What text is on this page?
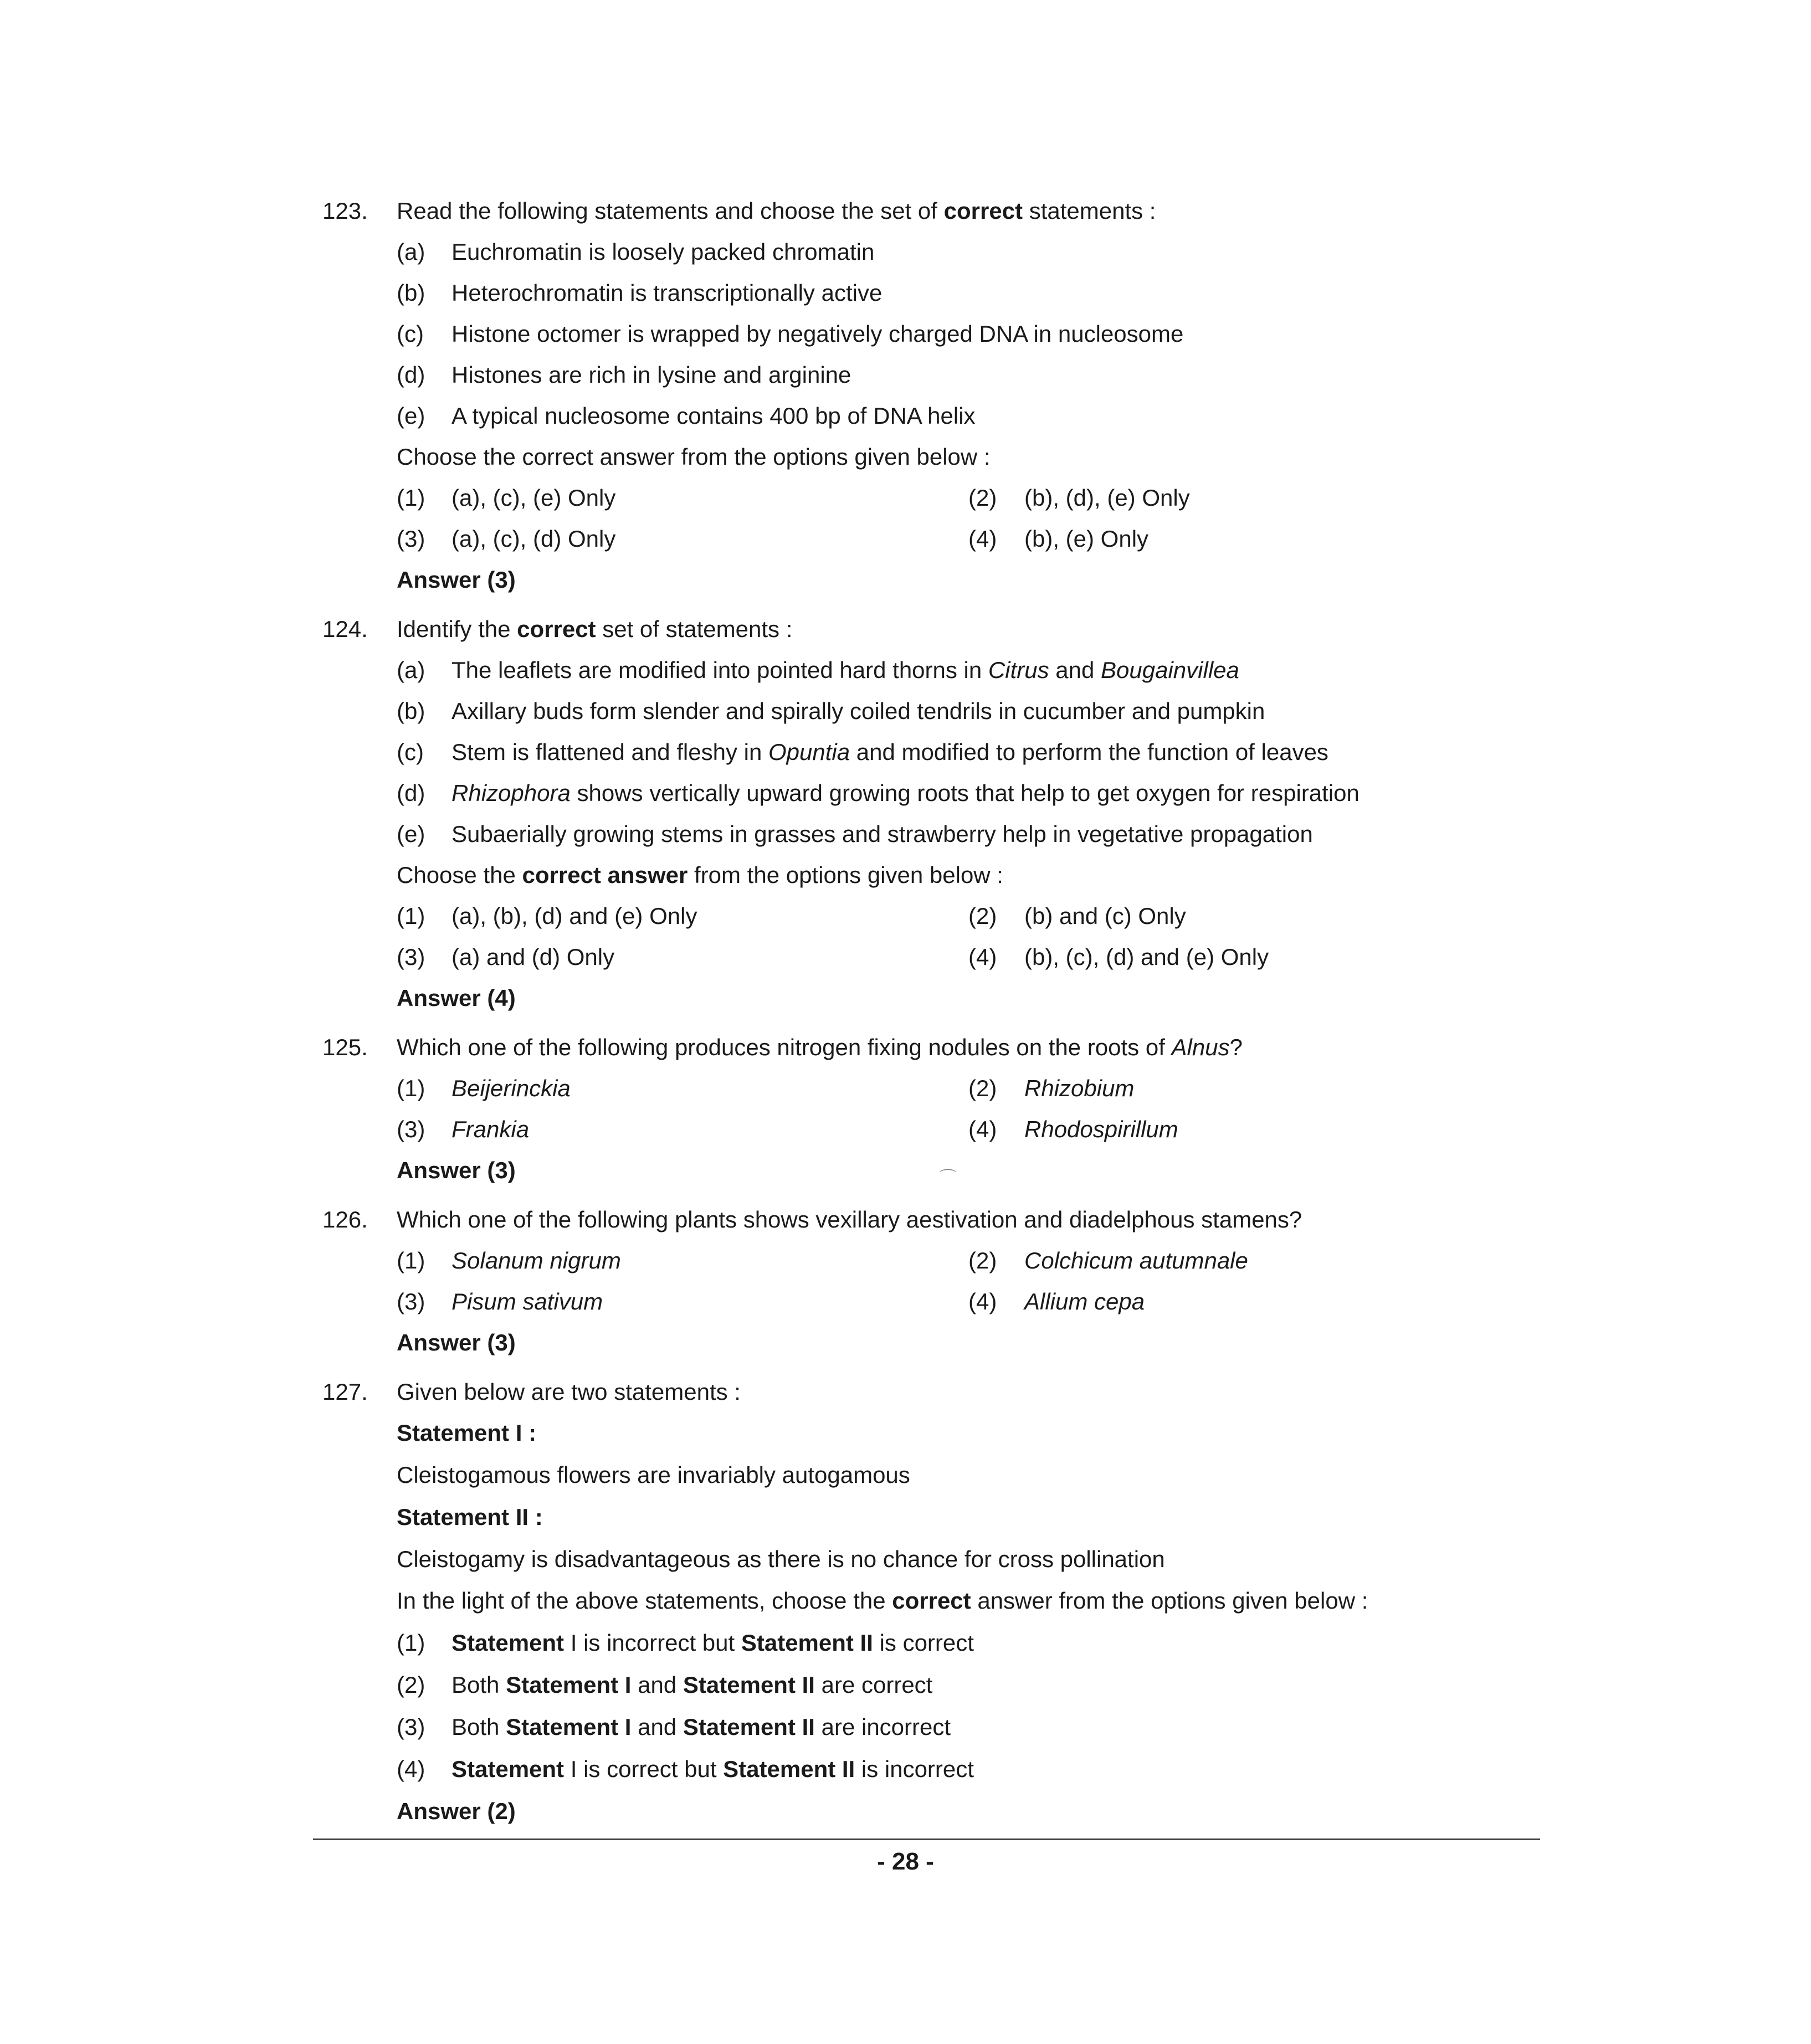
123. Read the following statements and choose the set of correct statements :
(a) Euchromatin is loosely packed chromatin
(b) Heterochromatin is transcriptionally active
(c) Histone octomer is wrapped by negatively charged DNA in nucleosome
(d) Histones are rich in lysine and arginine
(e) A typical nucleosome contains 400 bp of DNA helix
Choose the correct answer from the options given below :
(1) (a), (c), (e) Only	(2) (b), (d), (e) Only
(3) (a), (c), (d) Only	(4) (b), (e) Only
Answer (3)
124. Identify the correct set of statements :
(a) The leaflets are modified into pointed hard thorns in Citrus and Bougainvillea
(b) Axillary buds form slender and spirally coiled tendrils in cucumber and pumpkin
(c) Stem is flattened and fleshy in Opuntia and modified to perform the function of leaves
(d) Rhizophora shows vertically upward growing roots that help to get oxygen for respiration
(e) Subaerially growing stems in grasses and strawberry help in vegetative propagation
Choose the correct answer from the options given below :
(1) (a), (b), (d) and (e) Only	(2) (b) and (c) Only
(3) (a) and (d) Only	(4) (b), (c), (d) and (e) Only
Answer (4)
125. Which one of the following produces nitrogen fixing nodules on the roots of Alnus?
(1) Beijerinckia	(2) Rhizobium
(3) Frankia	(4) Rhodospirillum
Answer (3)	⌒
126. Which one of the following plants shows vexillary aestivation and diadelphous stamens?
(1) Solanum nigrum	(2) Colchicum autumnale
(3) Pisum sativum	(4) Allium cepa
Answer (3)
127. Given below are two statements :
Statement I :
Cleistogamous flowers are invariably autogamous
Statement II :
Cleistogamy is disadvantageous as there is no chance for cross pollination
In the light of the above statements, choose the correct answer from the options given below :
(1) Statement I is incorrect but Statement II is correct
(2) Both Statement I and Statement II are correct
(3) Both Statement I and Statement II are incorrect
(4) Statement I is correct but Statement II is incorrect
Answer (2)
- 28 -
